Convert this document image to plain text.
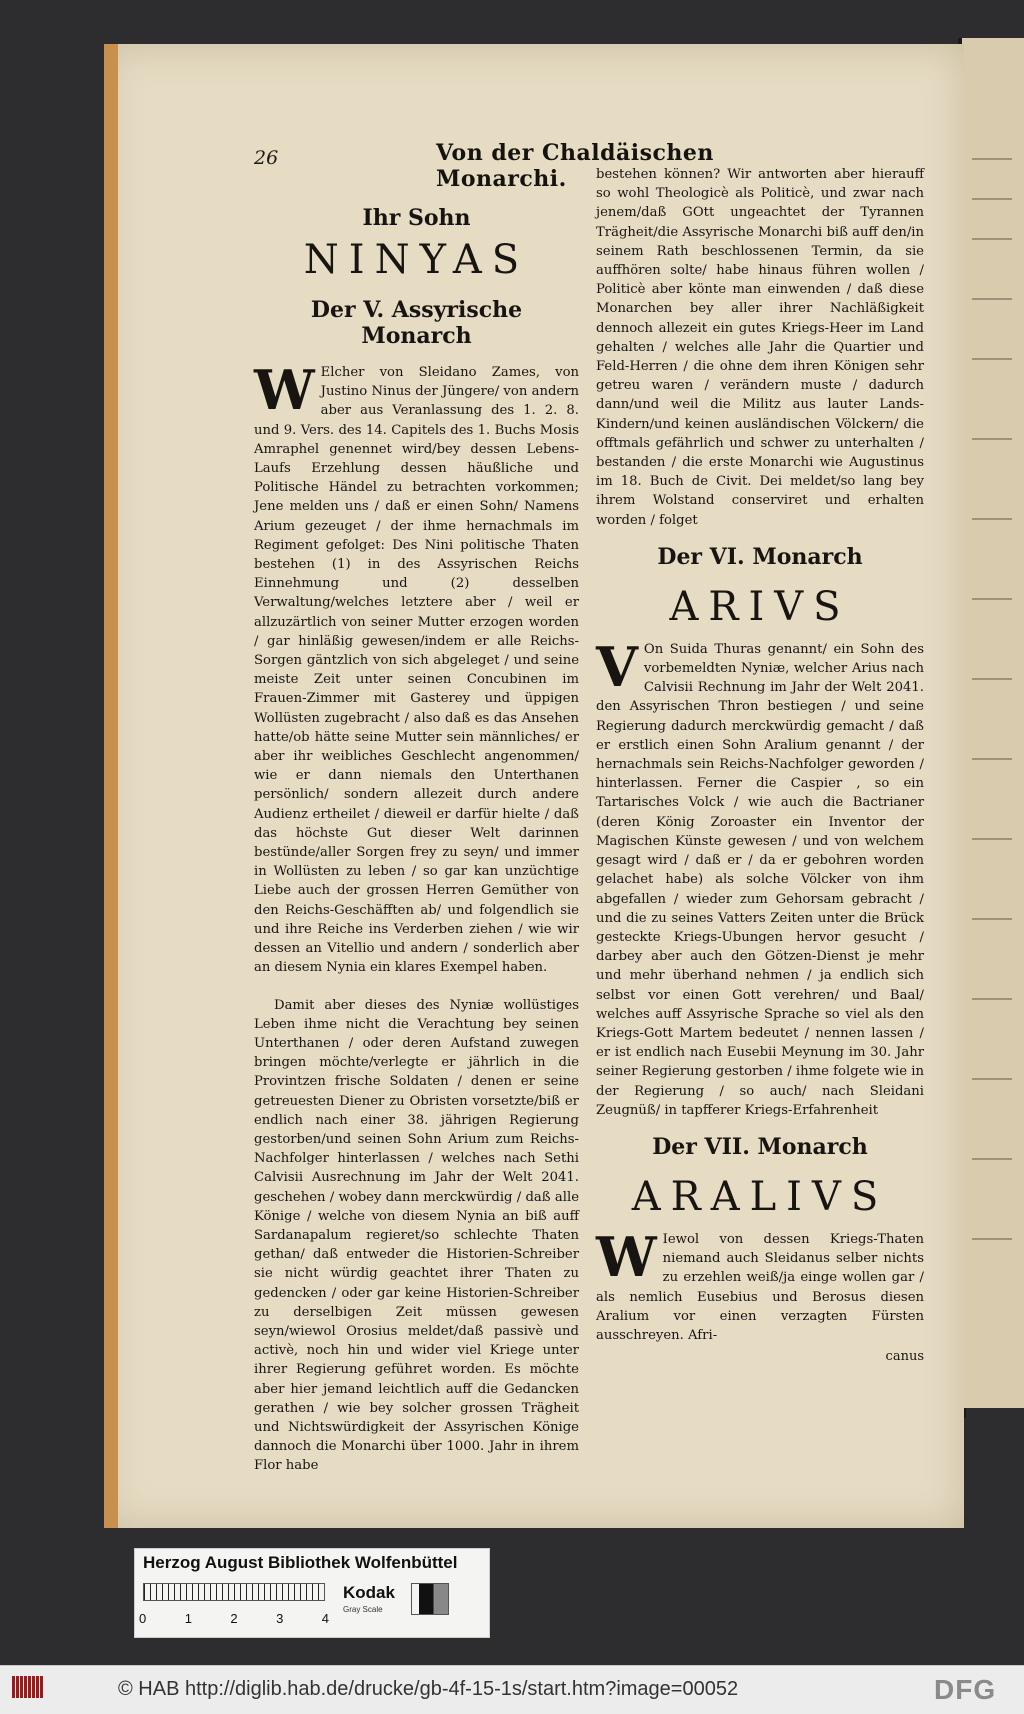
26	Von der Chaldäischen Monarchi.
Ihr Sohn
NINYAS
Der V. Assyrische Monarch

W Elcher von Sleidano Zames, von Justino Ninus der Jüngere/ von andern aber aus Veranlassung des 1. 2. 8. und 9. Vers. des 14. Capitels des 1. Buchs Mosis Amraphel genennet wird/bey dessen Lebens-Laufs Erzehlung dessen häußliche und Politische Händel zu betrachten vorkommen; Jene melden uns / daß er einen Sohn/ Namens Arium gezeuget / der ihme hernachmals im Regiment gefolget: Des Nini politische Thaten bestehen (1) in des Assyrischen Reichs Einnehmung und (2) desselben Verwaltung/welches letztere aber / weil er allzuzärtlich von seiner Mutter erzogen worden / gar hinläßig gewesen/indem er alle Reichs-Sorgen gäntzlich von sich abgeleget / und seine meiste Zeit unter seinen Concubinen im Frauen-Zimmer mit Gasterey und üppigen Wollüsten zugebracht / also daß es das Ansehen hatte/ob hätte seine Mutter sein männliches/ er aber ihr weibliches Geschlecht angenommen/ wie er dann niemals den Unterthanen persönlich/ sondern allezeit durch andere Audienz ertheilet / dieweil er darfür hielte / daß das höchste Gut dieser Welt darinnen bestünde/aller Sorgen frey zu seyn/ und immer in Wollüsten zu leben / so gar kan unzüchtige Liebe auch der grossen Herren Gemüther von den Reichs-Geschäfften ab/ und folgendlich sie und ihre Reiche ins Verderben ziehen / wie wir dessen an Vitellio und andern / sonderlich aber an diesem Nynia ein klares Exempel haben.

Damit aber dieses des Nyniæ wollüstiges Leben ihme nicht die Verachtung bey seinen Unterthanen / oder deren Aufstand zuwegen bringen möchte/verlegte er jährlich in die Provintzen frische Soldaten / denen er seine getreuesten Diener zu Obristen vorsetzte/biß er endlich nach einer 38. jährigen Regierung gestorben/und seinen Sohn Arium zum Reichs-Nachfolger hinterlassen / welches nach Sethi Calvisii Ausrechnung im Jahr der Welt 2041. geschehen / wobey dann merckwürdig / daß alle Könige / welche von diesem Nynia an biß auff Sardanapalum regieret/so schlechte Thaten gethan/ daß entweder die Historien-Schreiber sie nicht würdig geachtet ihrer Thaten zu gedencken / oder gar keine Historien-Schreiber zu derselbigen Zeit müssen gewesen seyn/wiewol Orosius meldet/daß passivè und activè, noch hin und wider viel Kriege unter ihrer Regierung geführet worden. Es möchte aber hier jemand leichtlich auff die Gedancken gerathen / wie bey solcher grossen Trägheit und Nichtswürdigkeit der Assyrischen Könige dannoch die Monarchi über 1000. Jahr in ihrem Flor habe

bestehen können? Wir antworten aber hierauff so wohl Theologicè als Politicè, und zwar nach jenem/daß GOtt ungeachtet der Tyrannen Trägheit/die Assyrische Monarchi biß auff den/in seinem Rath beschlossenen Termin, da sie auffhören solte/ habe hinaus führen wollen / Politicè aber könte man einwenden / daß diese Monarchen bey aller ihrer Nachläßigkeit dennoch allezeit ein gutes Kriegs-Heer im Land gehalten / welches alle Jahr die Quartier und Feld-Herren / die ohne dem ihren Königen sehr getreu waren / verändern muste / dadurch dann/und weil die Militz aus lauter Lands-Kindern/und keinen ausländischen Völckern/ die offtmals gefährlich und schwer zu unterhalten / bestanden / die erste Monarchi wie Augustinus im 18. Buch de Civit. Dei meldet/so lang bey ihrem Wolstand conserviret und erhalten worden / folget

Der VI. Monarch
ARIVS

V On Suida Thuras genannt/ ein Sohn des vorbemeldten Nyniæ, welcher Arius nach Calvisii Rechnung im Jahr der Welt 2041. den Assyrischen Thron bestiegen / und seine Regierung dadurch merckwürdig gemacht / daß er erstlich einen Sohn Aralium genannt / der hernachmals sein Reichs-Nachfolger geworden / hinterlassen. Ferner die Caspier , so ein Tartarisches Volck / wie auch die Bactrianer (deren König Zoroaster ein Inventor der Magischen Künste gewesen / und von welchem gesagt wird / daß er / da er gebohren worden gelachet habe) als solche Völcker von ihm abgefallen / wieder zum Gehorsam gebracht / und die zu seines Vatters Zeiten unter die Brück gesteckte Kriegs-Ubungen hervor gesucht / darbey aber auch den Götzen-Dienst je mehr und mehr überhand nehmen / ja endlich sich selbst vor einen Gott verehren/ und Baal/ welches auff Assyrische Sprache so viel als den Kriegs-Gott Martem bedeutet / nennen lassen / er ist endlich nach Eusebii Meynung im 30. Jahr seiner Regierung gestorben / ihme folgete wie in der Regierung / so auch/ nach Sleidani Zeugnüß/ in tapfferer Kriegs-Erfahrenheit

Der VII. Monarch
ARALIVS

W Iewol von dessen Kriegs-Thaten niemand auch Sleidanus selber nichts zu erzehlen weiß/ja einge wollen gar / als nemlich Eusebius und Berosus diesen Aralium vor einen verzagten Fürsten ausschreyen. Afri-

canus
Herzog August Bibliothek Wolfenbüttel
0	1	2	3	4
Kodak
Gray Scale
© HAB http://diglib.hab.de/drucke/gb-4f-15-1s/start.htm?image=00052	DFG
